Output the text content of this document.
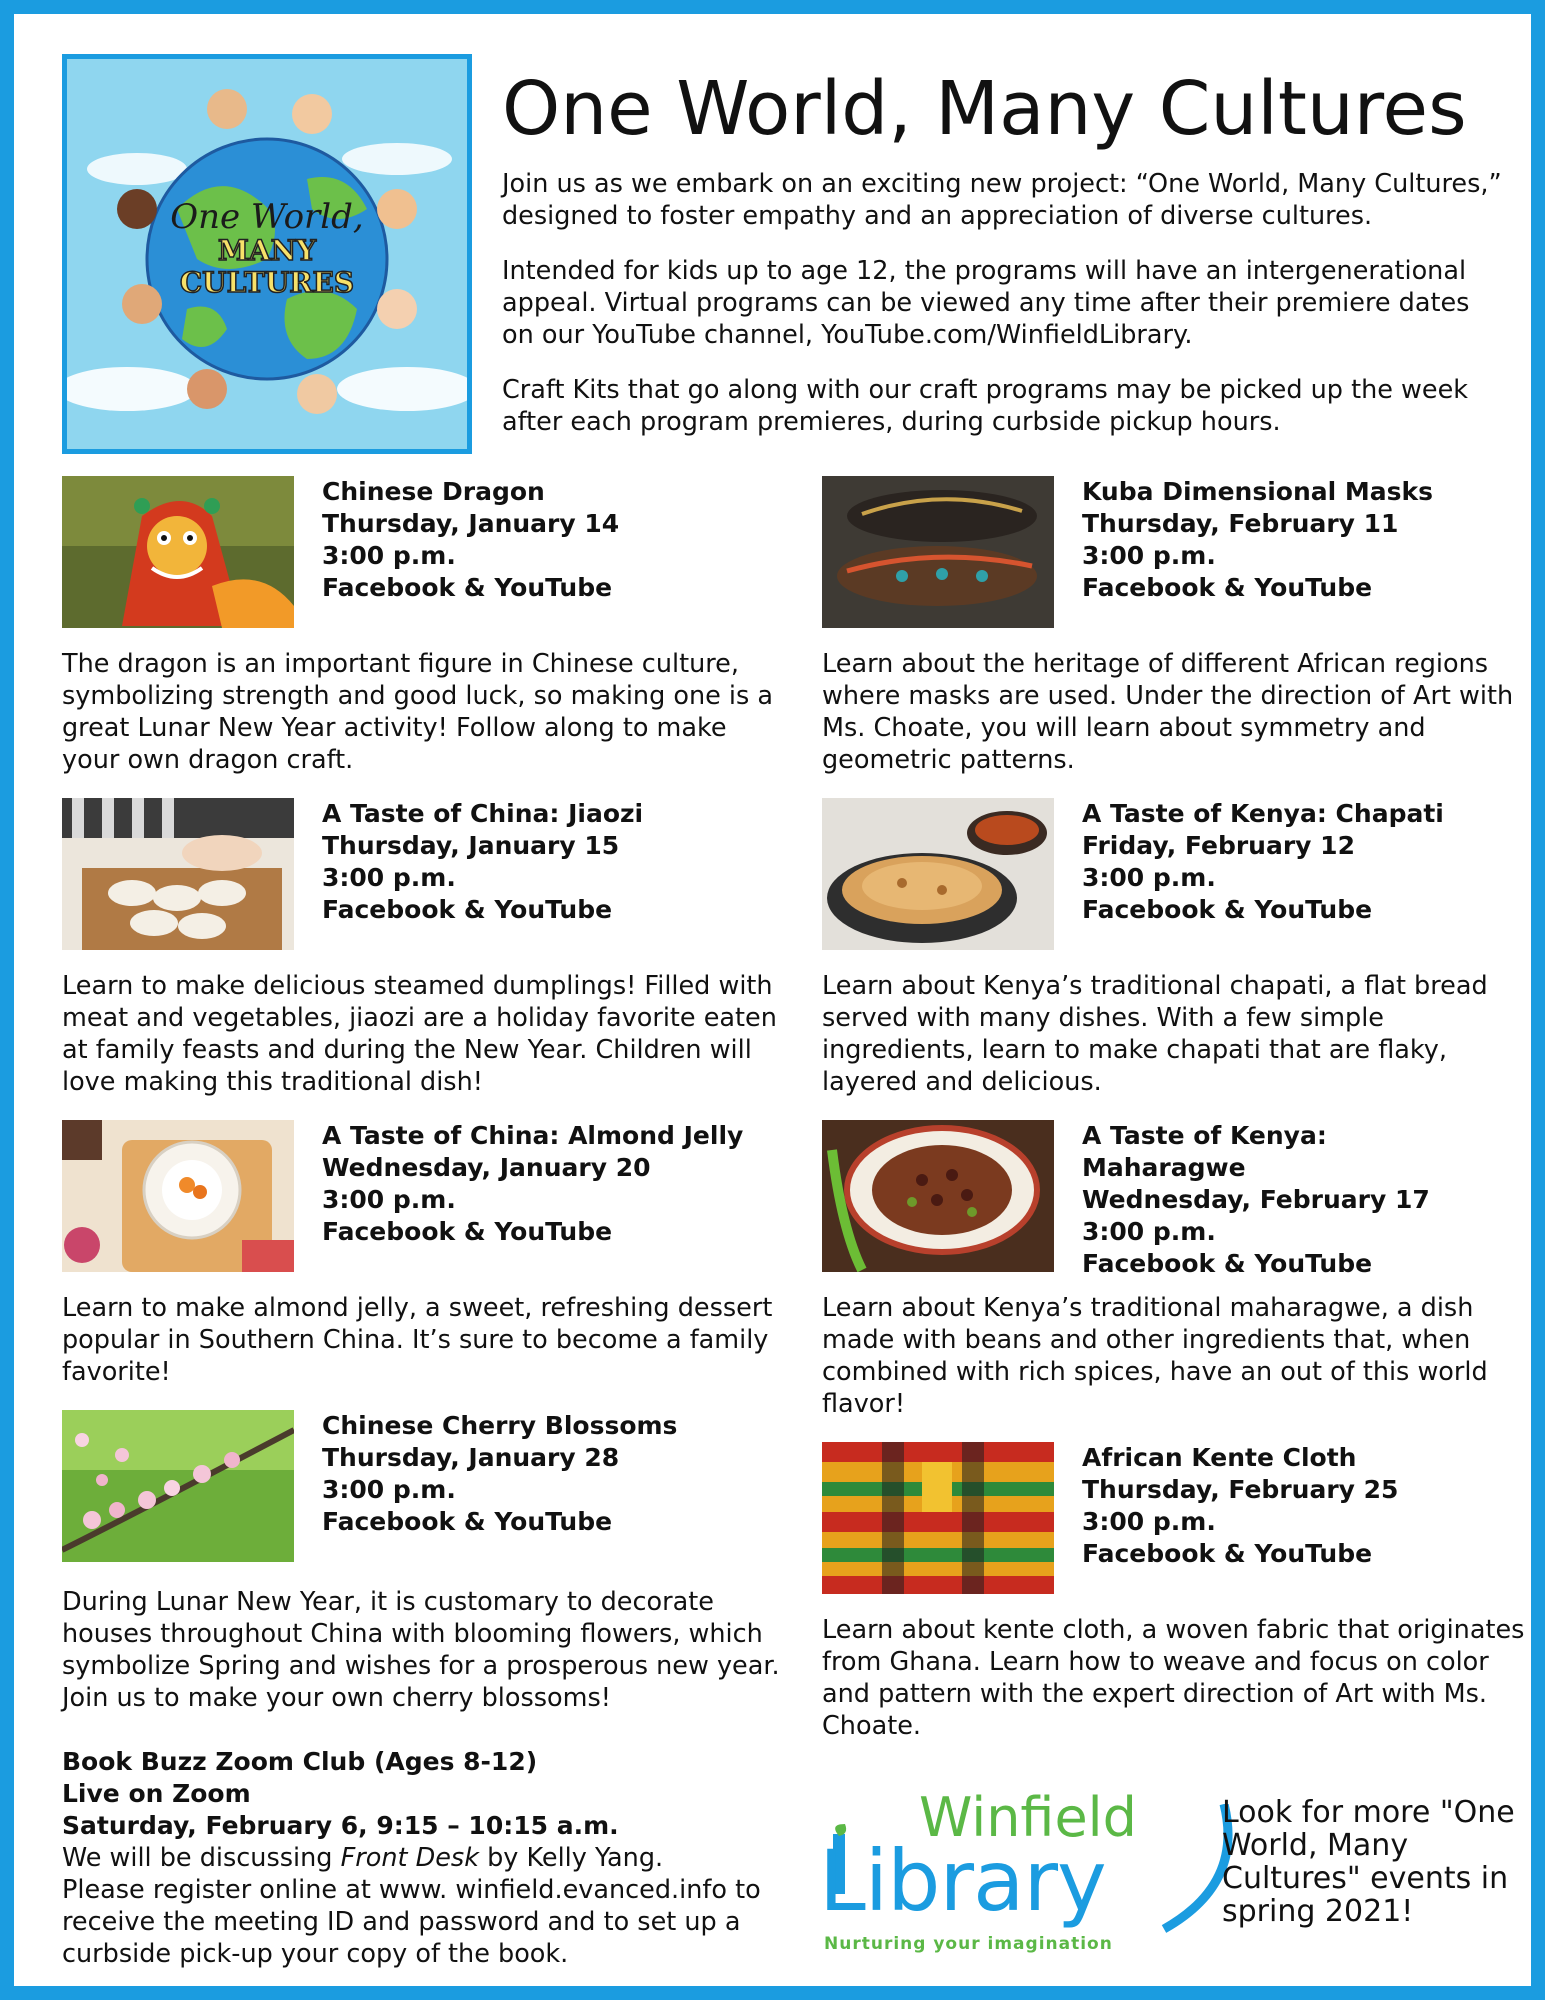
One World,
MANY
CULTURES
One World, Many Cultures

Join us as we embark on an exciting new project: “One World, Many Cultures,” designed to foster empathy and an appreciation of diverse cultures.

Intended for kids up to age 12, the programs will have an intergenerational appeal. Virtual programs can be viewed any time after their premiere dates on our YouTube channel, YouTube.com/WinfieldLibrary.

Craft Kits that go along with our craft programs may be picked up the week after each program premieres, during curbside pickup hours.

Chinese Dragon
Thursday, January 14
3:00 p.m.
Facebook & YouTube
The dragon is an important figure in Chinese culture, symbolizing strength and good luck, so making one is a great Lunar New Year activity! Follow along to make your own dragon craft.
A Taste of China: Jiaozi
Thursday, January 15
3:00 p.m.
Facebook & YouTube
Learn to make delicious steamed dumplings! Filled with meat and vegetables, jiaozi are a holiday favorite eaten at family feasts and during the New Year. Children will love making this traditional dish!
A Taste of China: Almond Jelly
Wednesday, January 20
3:00 p.m.
Facebook & YouTube
Learn to make almond jelly, a sweet, refreshing dessert popular in Southern China. It’s sure to become a family favorite!
Chinese Cherry Blossoms
Thursday, January 28
3:00 p.m.
Facebook & YouTube
During Lunar New Year, it is customary to decorate houses throughout China with blooming flowers, which symbolize Spring and wishes for a prosperous new year. Join us to make your own cherry blossoms!
Kuba Dimensional Masks
Thursday, February 11
3:00 p.m.
Facebook & YouTube
Learn about the heritage of different African regions where masks are used. Under the direction of Art with Ms. Choate, you will learn about symmetry and geometric patterns.
A Taste of Kenya: Chapati
Friday, February 12
3:00 p.m.
Facebook & YouTube
Learn about Kenya’s traditional chapati, a flat bread served with many dishes. With a few simple ingredients, learn to make chapati that are flaky, layered and delicious.
A Taste of Kenya:
Maharagwe
Wednesday, February 17
3:00 p.m.
Facebook & YouTube
Learn about Kenya’s traditional maharagwe, a dish made with beans and other ingredients that, when combined with rich spices, have an out of this world flavor!
African Kente Cloth
Thursday, February 25
3:00 p.m.
Facebook & YouTube
Learn about kente cloth, a woven fabric that originates from Ghana. Learn how to weave and focus on color and pattern with the expert direction of Art with Ms. Choate.
Book Buzz Zoom Club (Ages 8-12)
Live on Zoom
Saturday, February 6, 9:15 – 10:15 a.m.
We will be discussing Front Desk by Kelly Yang.
Please register online at www. winfield.evanced.info to receive the meeting ID and password and to set up a curbside pick-up your copy of the book.
Winfield
Library
Nurturing your imagination
Look for more "One World, Many Cultures" events in spring 2021!
